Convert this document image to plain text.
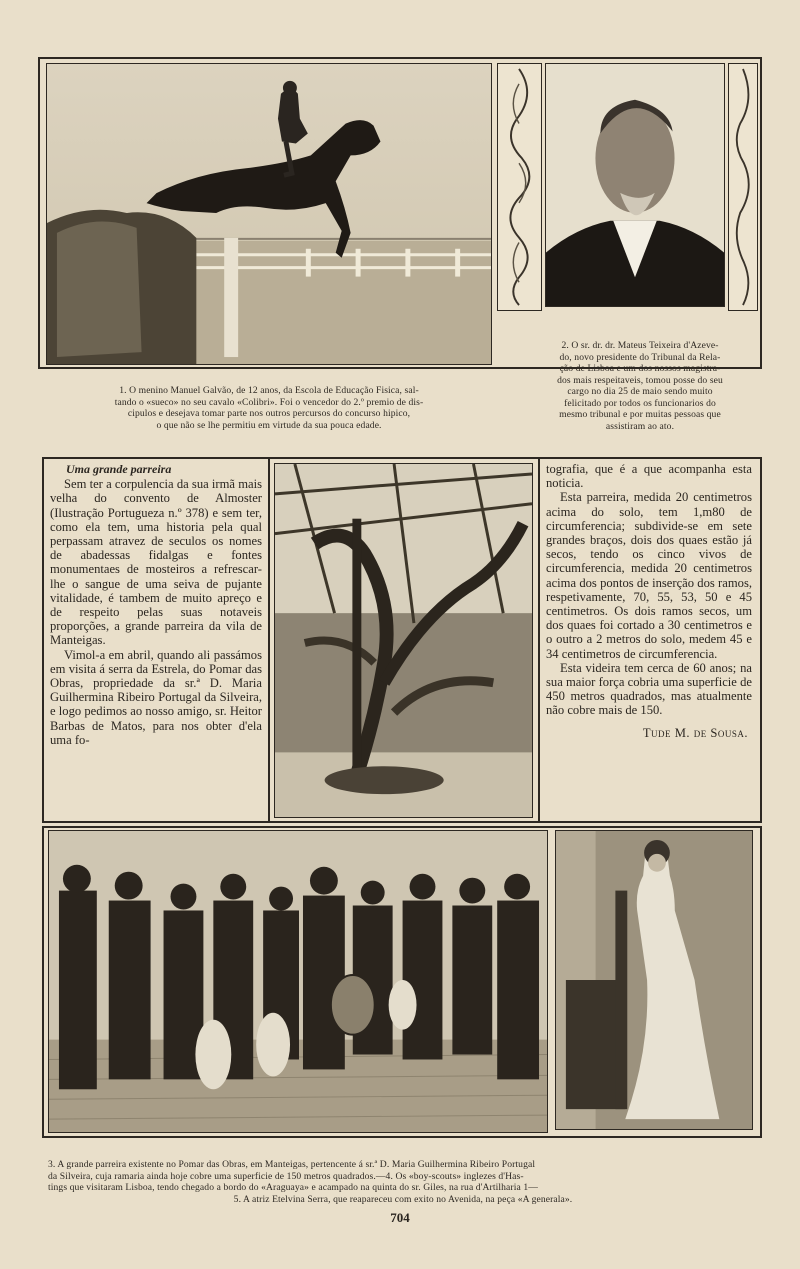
1. O menino Manuel Galvão, de 12 anos, da Escola de Educação Fisica, sal-
tando o «sueco» no seu cavalo «Colibri». Foi o vencedor do 2.º premio de dis-
cipulos e desejava tomar parte nos outros percursos do concurso hipico,
o que não se lhe permitiu em virtude da sua pouca edade.
2. O sr. dr. dr. Mateus Teixeira d'Azeve-
do, novo presidente do Tribunal da Rela-
ção de Lisboa e um dos nossos magistra-
dos mais respeitaveis, tomou posse do seu
cargo no dia 25 de maio sendo muito
felicitado por todos os funcionarios do
mesmo tribunal e por muitas pessoas que
assistiram ao ato.
Uma grande parreira

Sem ter a corpulencia da sua irmã mais velha do convento de Almoster (Ilustração Portugueza n.º 378) e sem ter, como ela tem, uma historia pela qual perpassam atravez de seculos os nomes de abadessas fidalgas e fontes monumentaes de mosteiros a refrescar-lhe o sangue de uma seiva de pujante vitalidade, é tambem de muito apreço e de respeito pelas suas notaveis proporções, a grande parreira da vila de Manteigas.

Vimol-a em abril, quando ali passámos em visita á serra da Estrela, do Pomar das Obras, propriedade da sr.ª D. Maria Guilhermina Ribeiro Portugal da Silveira, e logo pedimos ao nosso amigo, sr. Heitor Barbas de Matos, para nos obter d'ela uma fo-

tografia, que é a que acompanha esta noticia.

Esta parreira, medida 20 centimetros acima do solo, tem 1,m80 de circumferencia; subdivide-se em sete grandes braços, dois dos quaes estão já secos, tendo os cinco vivos de circumferencia, medida 20 centimetros acima dos pontos de inserção dos ramos, respetivamente, 70, 55, 53, 50 e 45 centimetros. Os dois ramos secos, um dos quaes foi cortado a 30 centimetros e o outro a 2 metros do solo, medem 45 e 34 centimetros de circumferencia.

Esta videira tem cerca de 60 anos; na sua maior força cobria uma superficie de 450 metros quadrados, mas atualmente não cobre mais de 150.

Tude M. de Sousa.
3. A grande parreira existente no Pomar das Obras, em Manteigas, pertencente á sr.ª D. Maria Guilhermina Ribeiro Portugal
da Silveira, cuja ramaria ainda hoje cobre uma superficie de 150 metros quadrados.—4. Os «boy-scouts» inglezes d'Has-
tings que visitaram Lisboa, tendo chegado a bordo do «Araguaya» e acampado na quinta do sr. Giles, na rua d'Artilharia 1—
5. A atriz Etelvina Serra, que reapareceu com exito no Avenida, na peça «A generala».
704
